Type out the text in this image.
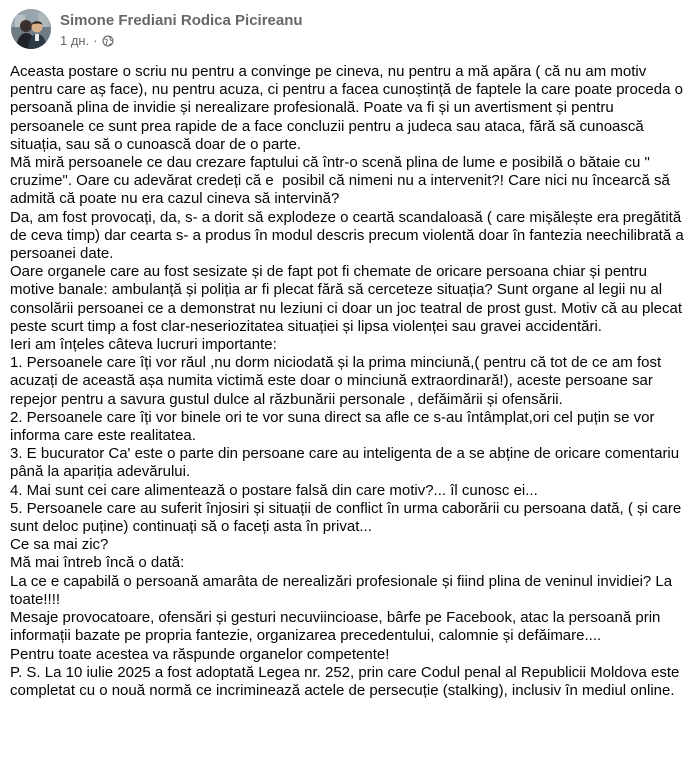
Simone Frediani Rodica Picireanu
1 дн. ·

Aceasta postare o scriu nu pentru a convinge pe cineva, nu pentru a mă apăra ( că nu am motiv pentru care aș face), nu pentru acuza, ci pentru a facea cunoștință de faptele la care poate proceda o persoană plina de invidie și nerealizare profesională. Poate va fi și un avertisment și pentru persoanele ce sunt prea rapide de a face concluzii pentru a judeca sau ataca, fără să cunoască situația, sau să o cunoască doar de o parte.

Mă miră persoanele ce dau crezare faptului că într-o scenă plina de lume e posibilă o bătaie cu " cruzime". Oare cu adevărat credeți că e  posibil că nimeni nu a intervenit?! Care nici nu încearcă să admită că poate nu era cazul cineva să intervină?

Da, am fost provocați, da, s- a dorit să explodeze o ceartă scandaloasă ( care mișălește era pregătită de ceva timp) dar cearta s- a produs în modul descris precum violentă doar în fantezia neechilibrată a persoanei date.

Oare organele care au fost sesizate și de fapt pot fi chemate de oricare persoana chiar și pentru motive banale: ambulanță și poliția ar fi plecat fără să cerceteze situația? Sunt organe al legii nu al consolării persoanei ce a demonstrat nu leziuni ci doar un joc teatral de prost gust. Motiv că au plecat  peste scurt timp a fost clar-neseriozitatea situației și lipsa violenței sau gravei accidentări.

Ieri am înțeles câteva lucruri importante:

1. Persoanele care îți vor răul ,nu dorm niciodată și la prima minciună,( pentru că tot de ce am fost acuzați de această așa numita victimă este doar o minciună extraordinară!), aceste persoane sar repejor pentru a savura gustul dulce al răzbunării personale , defăimării și ofensării.

2. Persoanele care îți vor binele ori te vor suna direct sa afle ce s-au întâmplat,ori cel puțin se vor informa care este realitatea.

3. E bucurator Ca' este o parte din persoane care au inteligenta de a se abține de oricare comentariu până la apariția adevărului.

4. Mai sunt cei care alimentează o postare falsă din care motiv?... îl cunosc ei...

5. Persoanele care au suferit înjosiri și situații de conflict în urma caborării cu persoana dată, ( și care sunt deloc puține) continuați să o faceți asta în privat...

Ce sa mai zic?

Mă mai întreb încă o dată:

La ce e capabilă o persoană amarâta de nerealizări profesionale și fiind plina de veninul invidiei? La toate!!!!

Mesaje provocatoare, ofensări și gesturi necuviincioase, bârfe pe Facebook, atac la persoană prin informații bazate pe propria fantezie, organizarea precedentului, calomnie și defăimare....

Pentru toate acestea va răspunde organelor competente!

P. S. La 10 iulie 2025 a fost adoptată Legea nr. 252, prin care Codul penal al Republicii Moldova este completat cu o nouă normă ce incriminează actele de persecuție (stalking), inclusiv în mediul online.
